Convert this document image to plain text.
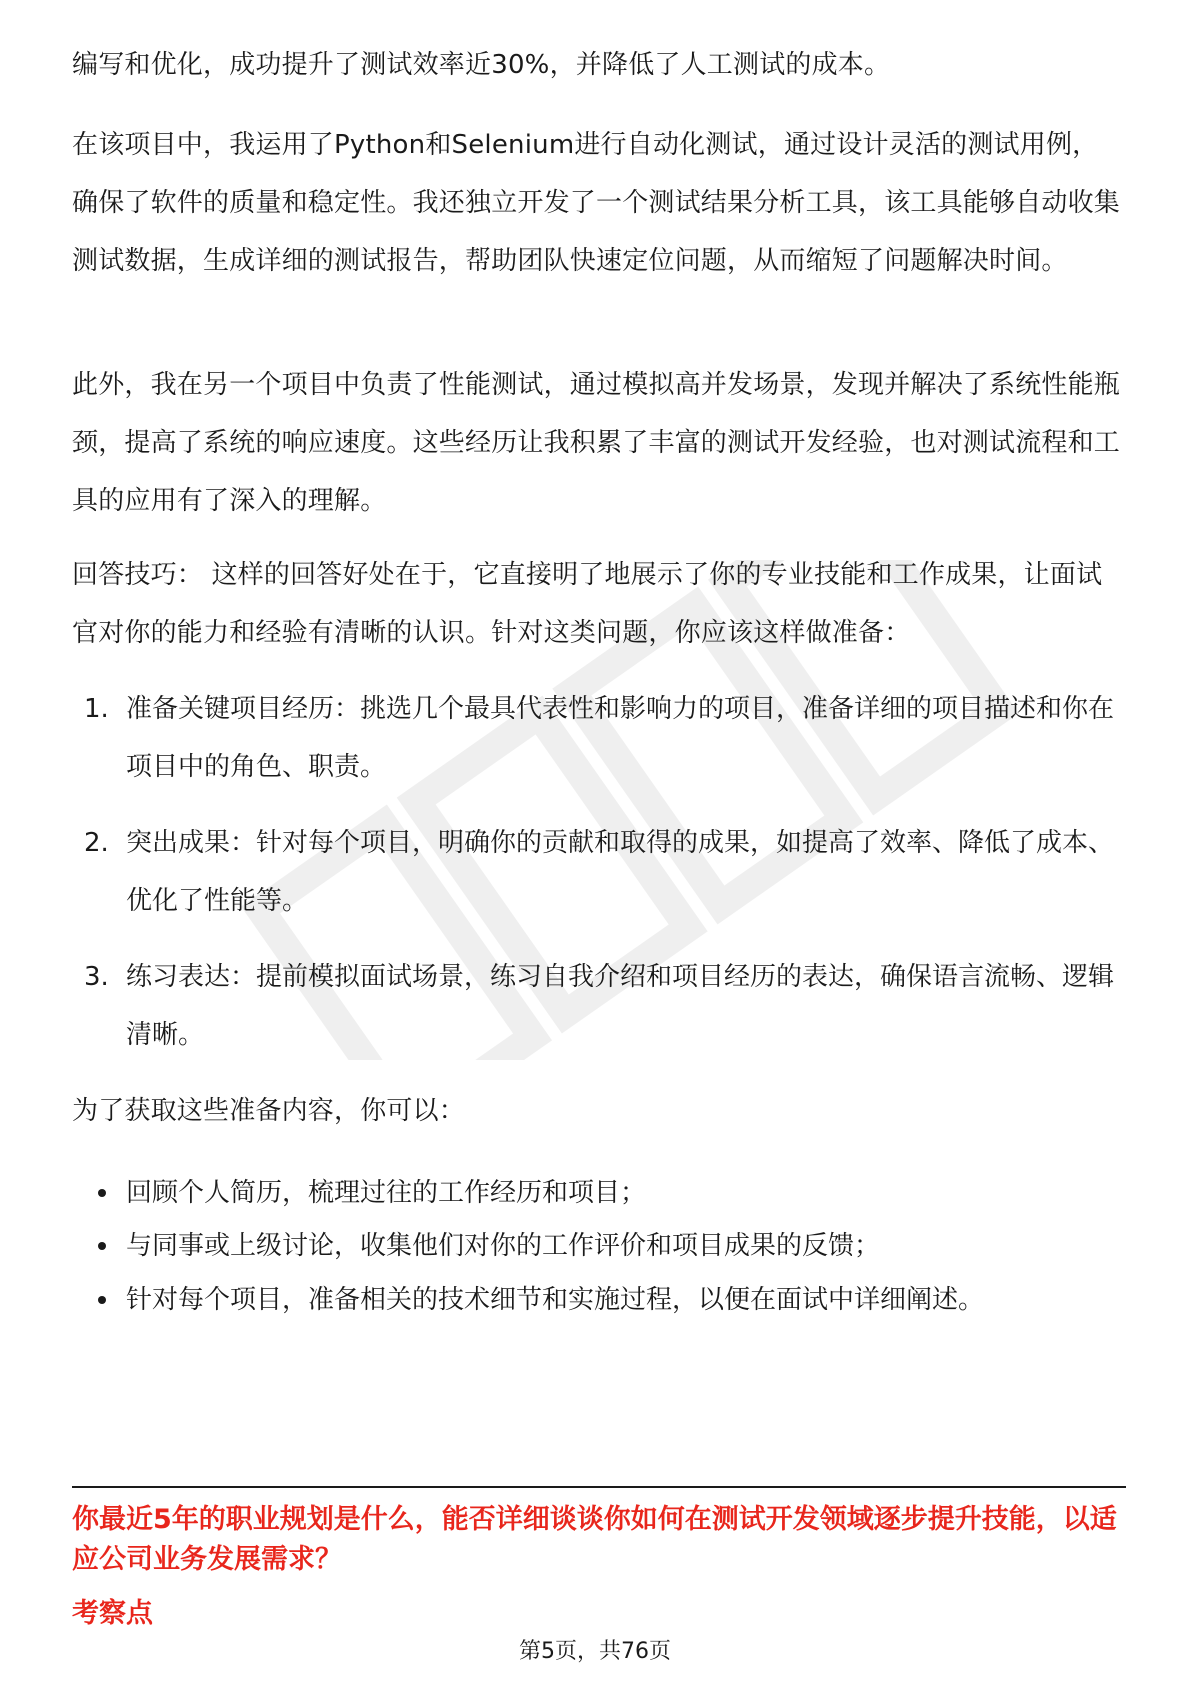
编写和优化，成功提升了测试效率近30%，并降低了人工测试的成本。

在该项目中，我运用了Python和Selenium进行自动化测试，通过设计灵活的测试用例，确保了软件的质量和稳定性。我还独立开发了一个测试结果分析工具，该工具能够自动收集测试数据，生成详细的测试报告，帮助团队快速定位问题，从而缩短了问题解决时间。

此外，我在另一个项目中负责了性能测试，通过模拟高并发场景，发现并解决了系统性能瓶颈，提高了系统的响应速度。这些经历让我积累了丰富的测试开发经验，也对测试流程和工具的应用有了深入的理解。

回答技巧： 这样的回答好处在于，它直接明了地展示了你的专业技能和工作成果，让面试官对你的能力和经验有清晰的认识。针对这类问题，你应该这样做准备：

1. 准备关键项目经历：挑选几个最具代表性和影响力的项目，准备详细的项目描述和你在项目中的角色、职责。

2. 突出成果：针对每个项目，明确你的贡献和取得的成果，如提高了效率、降低了成本、优化了性能等。

3. 练习表达：提前模拟面试场景，练习自我介绍和项目经历的表达，确保语言流畅、逻辑清晰。

为了获取这些准备内容，你可以：

回顾个人简历，梳理过往的工作经历和项目；

与同事或上级讨论，收集他们对你的工作评价和项目成果的反馈；

针对每个项目，准备相关的技术细节和实施过程，以便在面试中详细阐述。

你最近5年的职业规划是什么，能否详细谈谈你如何在测试开发领域逐步提升技能，以适应公司业务发展需求？

考察点

第5页，共76页
